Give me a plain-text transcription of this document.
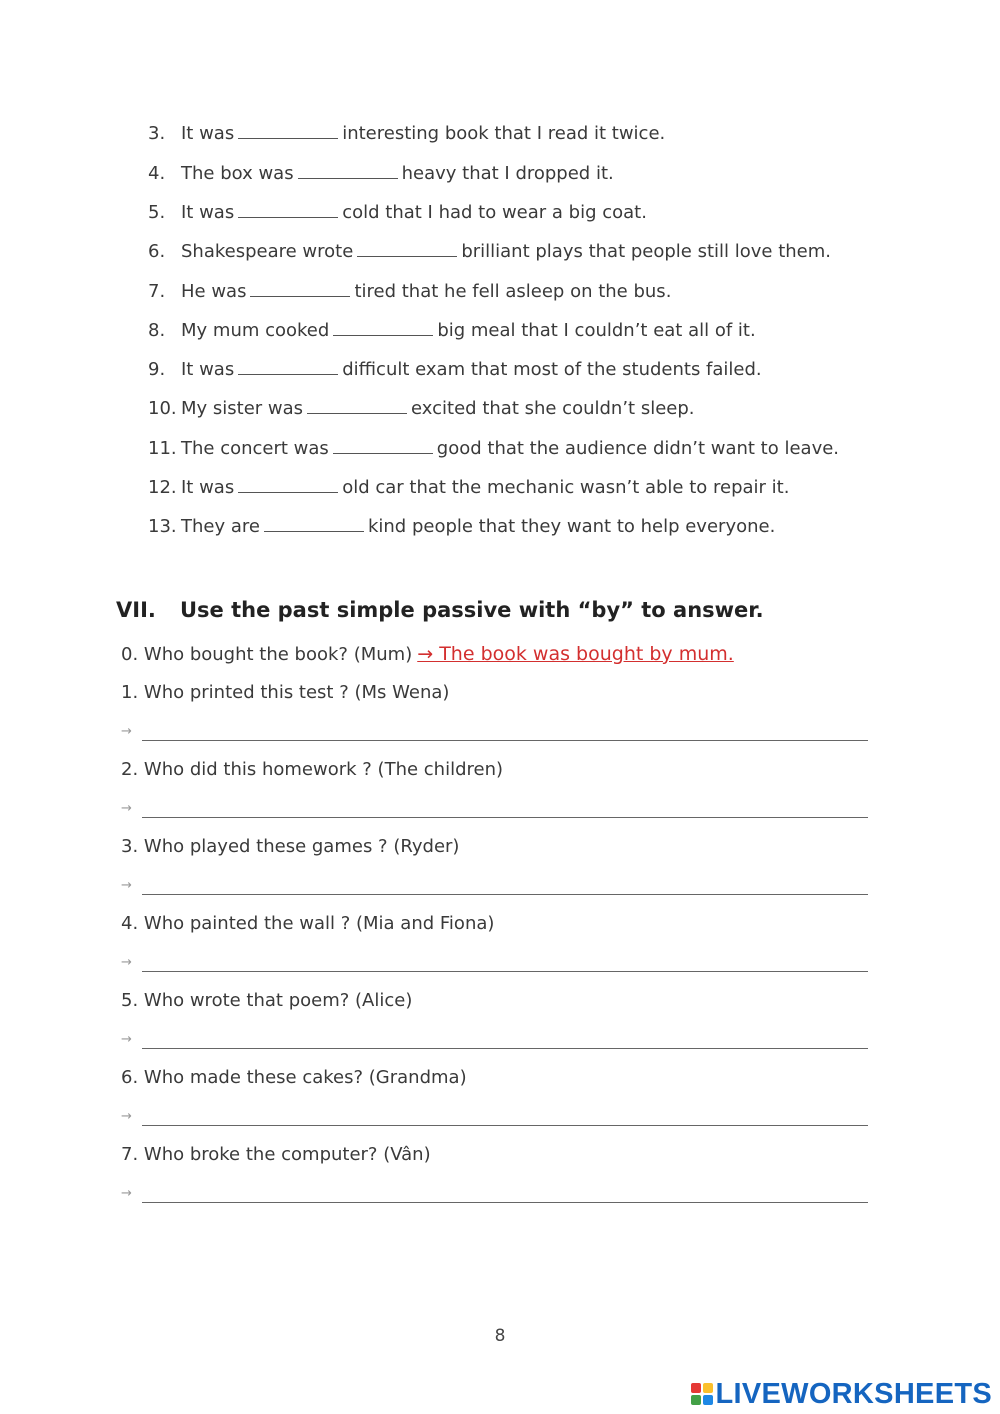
3. It was	interesting book that I read it twice.
4. The box was	heavy that I dropped it.
5. It was	cold that I had to wear a big coat.
6. Shakespeare wrote	brilliant plays that people still love them.
7. He was	tired that he fell asleep on the bus.
8. My mum cooked	big meal that I couldn’t eat all of it.
9. It was	difficult exam that most of the students failed.
10. My sister was	excited that she couldn’t sleep.
11. The concert was	good that the audience didn’t want to leave.
12. It was	old car that the mechanic wasn’t able to repair it.
13. They are	kind people that they want to help everyone.
VII. Use the past simple passive with “by” to answer.
0. Who bought the book? (Mum) → The book was bought by mum.
1. Who printed this test ? (Ms Wena)
→
2. Who did this homework ? (The children)
→
3. Who played these games ? (Ryder)
→
4. Who painted the wall ? (Mia and Fiona)
→
5. Who wrote that poem? (Alice)
→
6. Who made these cakes? (Grandma)
→
7. Who broke the computer? (Vân)
→
8
LIVEWORKSHEETS
